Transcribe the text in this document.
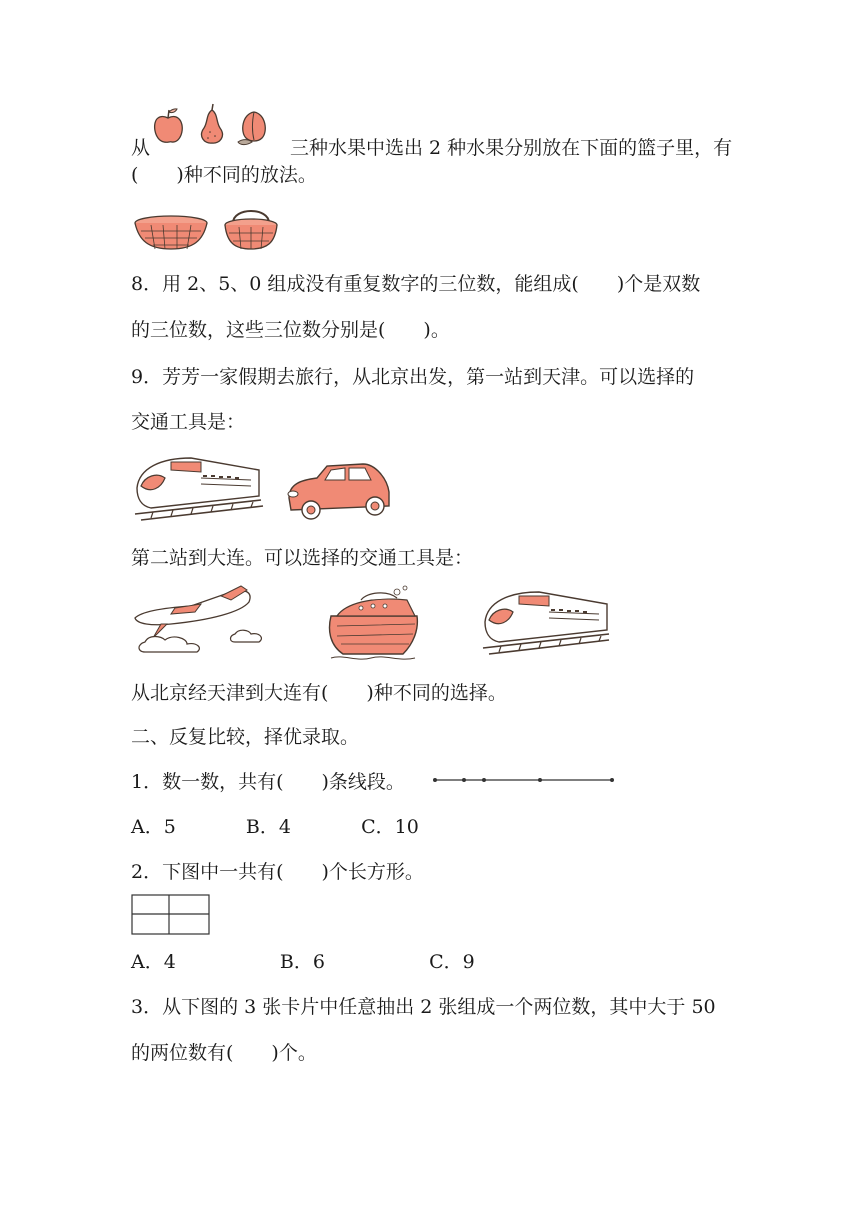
从	三种水果中选出 2 种水果分别放在下面的篮子里，有
(　　)种不同的放法。
8．用 2、5、0 组成没有重复数字的三位数，能组成(　　)个是双数
的三位数，这些三位数分别是(　　)。
9．芳芳一家假期去旅行，从北京出发，第一站到天津。可以选择的
交通工具是：
第二站到大连。可以选择的交通工具是：
从北京经天津到大连有(　　)种不同的选择。
二、反复比较，择优录取。
1．数一数，共有(　　)条线段。
A．5	B．4	C．10
2．下图中一共有(　　)个长方形。
A．4	B．6	C．9
3．从下图的 3 张卡片中任意抽出 2 张组成一个两位数，其中大于 50
的两位数有(　　)个。
